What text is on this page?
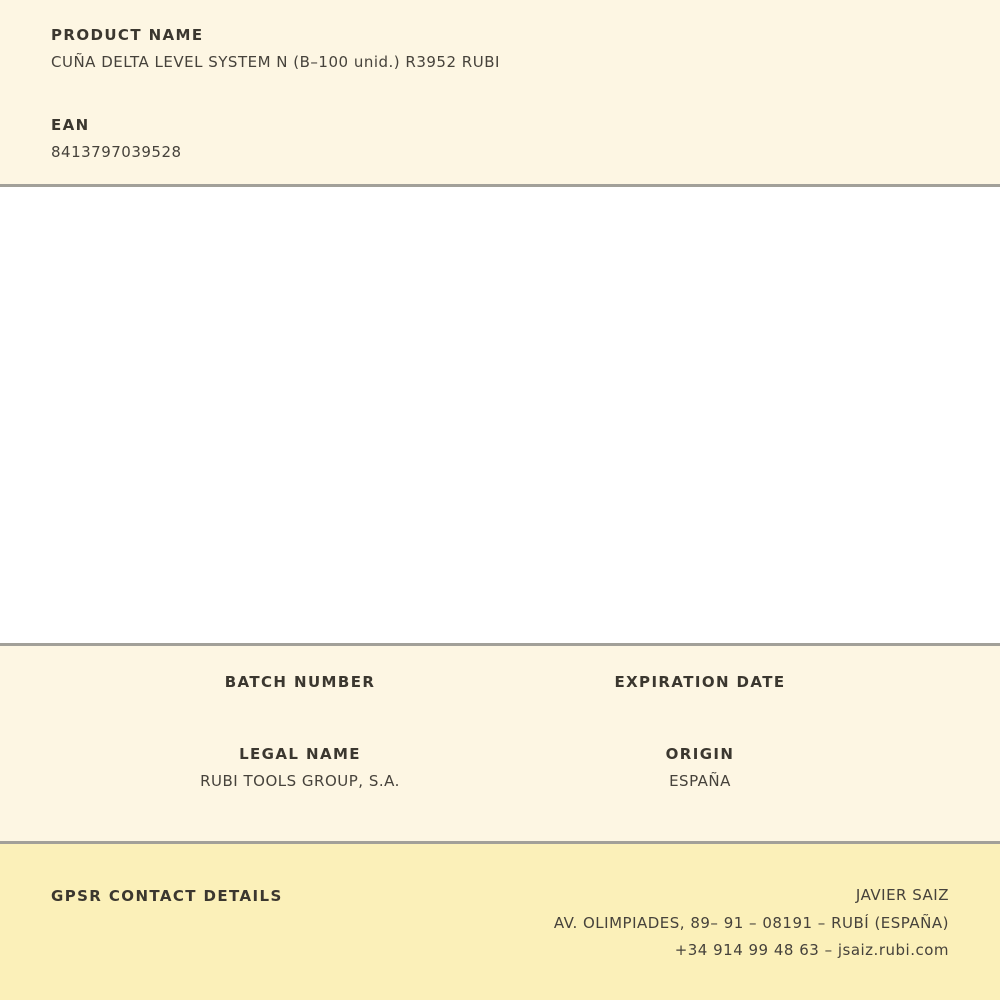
PRODUCT NAME
CUÑA DELTA LEVEL SYSTEM N (B–100 unid.) R3952 RUBI
EAN
8413797039528
BATCH NUMBER	EXPIRATION DATE
LEGAL NAME
RUBI TOOLS GROUP, S.A.
ORIGIN
ESPAÑA
GPSR CONTACT DETAILS	JAVIER SAIZ
AV. OLIMPIADES, 89– 91 – 08191 – RUBÍ (ESPAÑA)
+34 914 99 48 63 – jsaiz.rubi.com
